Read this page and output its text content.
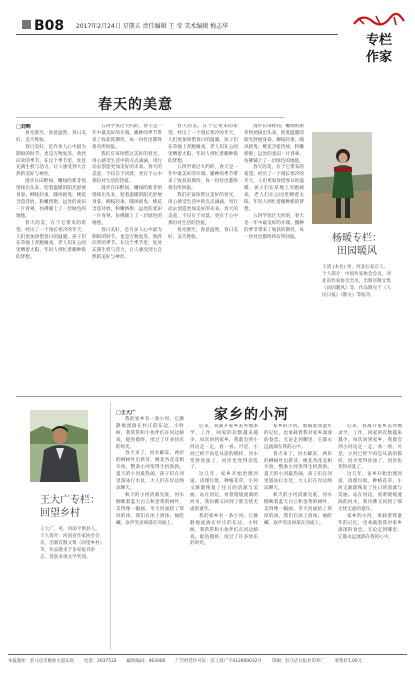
B08 2017年2月24日 星期五 责任编辑 王 莹 美术编辑 梅志华
专栏
作家
春天的美意

□刘辉

春光渐至，春意盎然，春日美好，美不胜收。

春日美好，是许多人心中最为期盼的时节，也是万物复苏、欣欣向荣的季节。在这个季节里，处处充满生机与活力，让人感受到大自然的美好与神奇。

漫步在田野间，嫩绿的新芽悄悄探出头来，迎着温暖的阳光舒展身姿。柳枝轻垂，随风摇曳；桃花含苞待放，粉嫩娇艳；远处的麦田一片青翠，仿佛铺上了一层绿色的地毯。

春天的美，在于它带来的希望。经历了一个漫长寒冷的冬天，人们更加珍惜春日的温暖。孩子们在草地上奔跑嬉戏，老人们在公园里晒着太阳，年轻人则忙着播种新的梦想。

五四学说过大约的，春天是一年中最美好的开端。播种的季节带来了收获的期待，每一份付出都终将有所回报。

我们应该珍惜这美好的春光，用心感受生活中的点点滴滴，用行动去创造更加美好的未来。春天的美意，不仅在于风景，更在于心中那份对生活的热爱。

漫步在田野间，嫩绿的新芽悄悄探出头来，迎着温暖的阳光舒展身姿。柳枝轻垂，随风摇曳；桃花含苞待放，粉嫩娇艳；远处的麦田一片青翠，仿佛铺上了一层绿色的地毯。

春日美好，是许多人心中最为期盼的时节，也是万物复苏、欣欣向荣的季节。在这个季节里，处处充满生机与活力，让人感受到大自然的美好与神奇。

春天的美，在于它带来的希望。经历了一个漫长寒冷的冬天，人们更加珍惜春日的温暖。孩子们在草地上奔跑嬉戏，老人们在公园里晒着太阳，年轻人则忙着播种新的梦想。

五四学说过大约的，春天是一年中最美好的开端。播种的季节带来了收获的期待，每一份付出都终将有所回报。

我们应该珍惜这美好的春光，用心感受生活中的点点滴滴，用行动去创造更加美好的未来。春天的美意，不仅在于风景，更在于心中那份对生活的热爱。

春光渐至，春意盎然，春日美好，美不胜收。

漫步在田野间，嫩绿的新芽悄悄探出头来，迎着温暖的阳光舒展身姿。柳枝轻垂，随风摇曳；桃花含苞待放，粉嫩娇艳；远处的麦田一片青翠，仿佛铺上了一层绿色的地毯。

春天的美，在于它带来的希望。经历了一个漫长寒冷的冬天，人们更加珍惜春日的温暖。孩子们在草地上奔跑嬉戏，老人们在公园里晒着太阳，年轻人则忙着播种新的梦想。

五四学说过大约的，春天是一年中最美好的开端。播种的季节带来了收获的期待，每一份付出都终将有所回报。	杨暖专栏：
田园暖风
王清 (本名) 男，河北石家庄人。
个人简介：中国作家协会会员，河北省作家协会会员，出版有散文集《田园暖风》等，作品散见于《人民日报》《散文》等报刊。
家乡的小河
王大广专栏：
回望乡村
王大广，男，河南平舆县人。
个人简介：河南省作家协会会员，出版有散文集《回望乡村》等，作品散见于多家报刊杂志，曾获多项文学奖项。

□王大广

我的家乡有一条小河，它静静地流淌在村庄的东边。小时候，我常常和小伙伴们在河边嬉戏，捉鱼摸虾，度过了许多快乐的时光。

春天来了，河水解冻，两岸的柳树吐出新芽，桃花杏花竞相开放，整条小河变得生机勃勃。夏天的小河最热闹，孩子们在河里游泳打水仗，大人们在岸边纳凉聊天。

秋天的小河清澈见底，河水倒映着蓝天白云和金黄的树叶，美得像一幅画。冬天河面结了厚厚的冰，我们在冰上滑冰、抽陀螺，欢声笑语回荡在河面上。

后来，我离开家乡去外地求学、工作，回家的次数越来越少。每次回到家乡，我都会到小河边走一走，看一看。可是，小河已经不再是从前的模样，河水变得浑浊了，河岸也变得杂乱了。

这几年，家乡开始治理河道，清理垃圾，种植花草，小河又渐渐恢复了往日的清澈与美丽。站在河边，看着缓缓流淌的河水，我仿佛又回到了那无忧无虑的童年。

我的家乡有一条小河，它静静地流淌在村庄的东边。小时候，我常常和小伙伴们在河边嬉戏，捉鱼摸虾，度过了许多快乐的时光。

家乡的小河，承载着我童年的记忆，也承载着我对家乡深深的眷恋。无论走到哪里，它都永远流淌在我的心中。

春天来了，河水解冻，两岸的柳树吐出新芽，桃花杏花竞相开放，整条小河变得生机勃勃。夏天的小河最热闹，孩子们在河里游泳打水仗，大人们在岸边纳凉聊天。

秋天的小河清澈见底，河水倒映着蓝天白云和金黄的树叶，美得像一幅画。冬天河面结了厚厚的冰，我们在冰上滑冰、抽陀螺，欢声笑语回荡在河面上。

后来，我离开家乡去外地求学、工作，回家的次数越来越少。每次回到家乡，我都会到小河边走一走，看一看。可是，小河已经不再是从前的模样，河水变得浑浊了，河岸也变得杂乱了。

这几年，家乡开始治理河道，清理垃圾，种植花草，小河又渐渐恢复了往日的清澈与美丽。站在河边，看着缓缓流淌的河水，我仿佛又回到了那无忧无虑的童年。

家乡的小河，承载着我童年的记忆，也承载着我对家乡深深的眷恋。无论走到哪里，它都永远流淌在我的心中。

本报地址：驻马店市解放大道东段 电话：2637532 邮政编码：463000 广告经营许可证：驻工商广字412800032号 印刷：驻马店日报社印务厂 零售价1.00元
